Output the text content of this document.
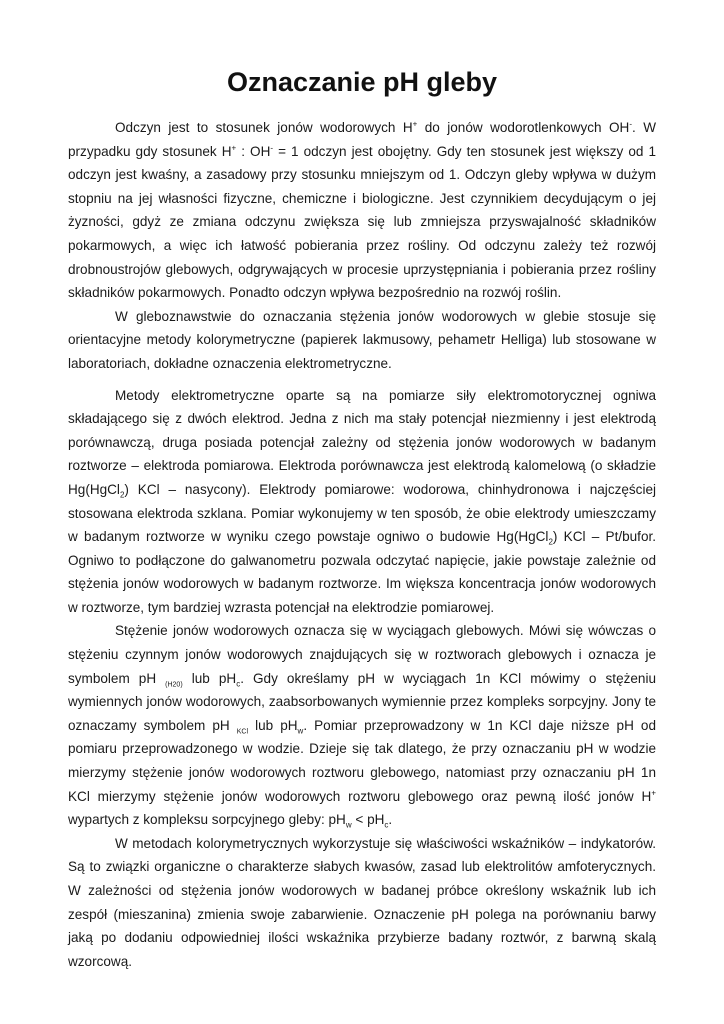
Oznaczanie pH gleby

Odczyn jest to stosunek jonów wodorowych H+ do jonów wodorotlenkowych OH-. W przypadku gdy stosunek H+ : OH- = 1 odczyn jest obojętny. Gdy ten stosunek jest większy od 1 odczyn jest kwaśny, a zasadowy przy stosunku mniejszym od 1. Odczyn gleby wpływa w dużym stopniu na jej własności fizyczne, chemiczne i biologiczne. Jest czynnikiem decydującym o jej żyzności, gdyż ze zmiana odczynu zwiększa się lub zmniejsza przyswajalność składników pokarmowych, a więc ich łatwość pobierania przez rośliny. Od odczynu zależy też rozwój drobnoustrojów glebowych, odgrywających w procesie uprzystępniania i pobierania przez rośliny składników pokarmowych. Ponadto odczyn wpływa bezpośrednio na rozwój roślin.

W gleboznawstwie do oznaczania stężenia jonów wodorowych w glebie stosuje się orientacyjne metody kolorymetryczne (papierek lakmusowy, pehametr Helliga) lub stosowane w laboratoriach, dokładne oznaczenia elektrometryczne.

Metody elektrometryczne oparte są na pomiarze siły elektromotorycznej ogniwa składającego się z dwóch elektrod. Jedna z nich ma stały potencjał niezmienny i jest elektrodą porównawczą, druga posiada potencjał zależny od stężenia jonów wodorowych w badanym roztworze – elektroda pomiarowa. Elektroda porównawcza jest elektrodą kalomelową (o składzie Hg(HgCl$_2$) KCl – nasycony). Elektrody pomiarowe: wodorowa, chinhydronowa i najczęściej stosowana elektroda szklana. Pomiar wykonujemy w ten sposób, że obie elektrody umieszczamy w badanym roztworze w wyniku czego powstaje ogniwo o budowie Hg(HgCl$_2$) KCl – Pt/bufor. Ogniwo to podłączone do galwanometru pozwala odczytać napięcie, jakie powstaje zależnie od stężenia jonów wodorowych w badanym roztworze. Im większa koncentracja jonów wodorowych w roztworze, tym bardziej wzrasta potencjał na elektrodzie pomiarowej.

Stężenie jonów wodorowych oznacza się w wyciągach glebowych. Mówi się wówczas o stężeniu czynnym jonów wodorowych znajdujących się w roztworach glebowych i oznacza je symbolem pH $_{(H20)}$ lub $pH_c$. Gdy określamy pH w wyciągach 1n KCl mówimy o stężeniu wymiennych jonów wodorowych, zaabsorbowanych wymiennie przez kompleks sorpcyjny. Jony te oznaczamy symbolem pH $_{KCl}$ lub $pH_w$. Pomiar przeprowadzony w 1n KCl daje niższe pH od pomiaru przeprowadzonego w wodzie. Dzieje się tak dlatego, że przy oznaczaniu pH w wodzie mierzymy stężenie jonów wodorowych roztworu glebowego, natomiast przy oznaczaniu pH 1n KCl mierzymy stężenie jonów wodorowych roztworu glebowego oraz pewną ilość jonów H+ wypartych z kompleksu sorpcyjnego gleby: $pH_w < pH_c$.

W metodach kolorymetrycznych wykorzystuje się właściwości wskaźników – indykatorów. Są to związki organiczne o charakterze słabych kwasów, zasad lub elektrolitów amfoterycznych. W zależności od stężenia jonów wodorowych w badanej próbce określony wskaźnik lub ich zespół (mieszanina) zmienia swoje zabarwienie. Oznaczenie pH polega na porównaniu barwy jaką po dodaniu odpowiedniej ilości wskaźnika przybierze badany roztwór, z barwną skalą wzorcową.
